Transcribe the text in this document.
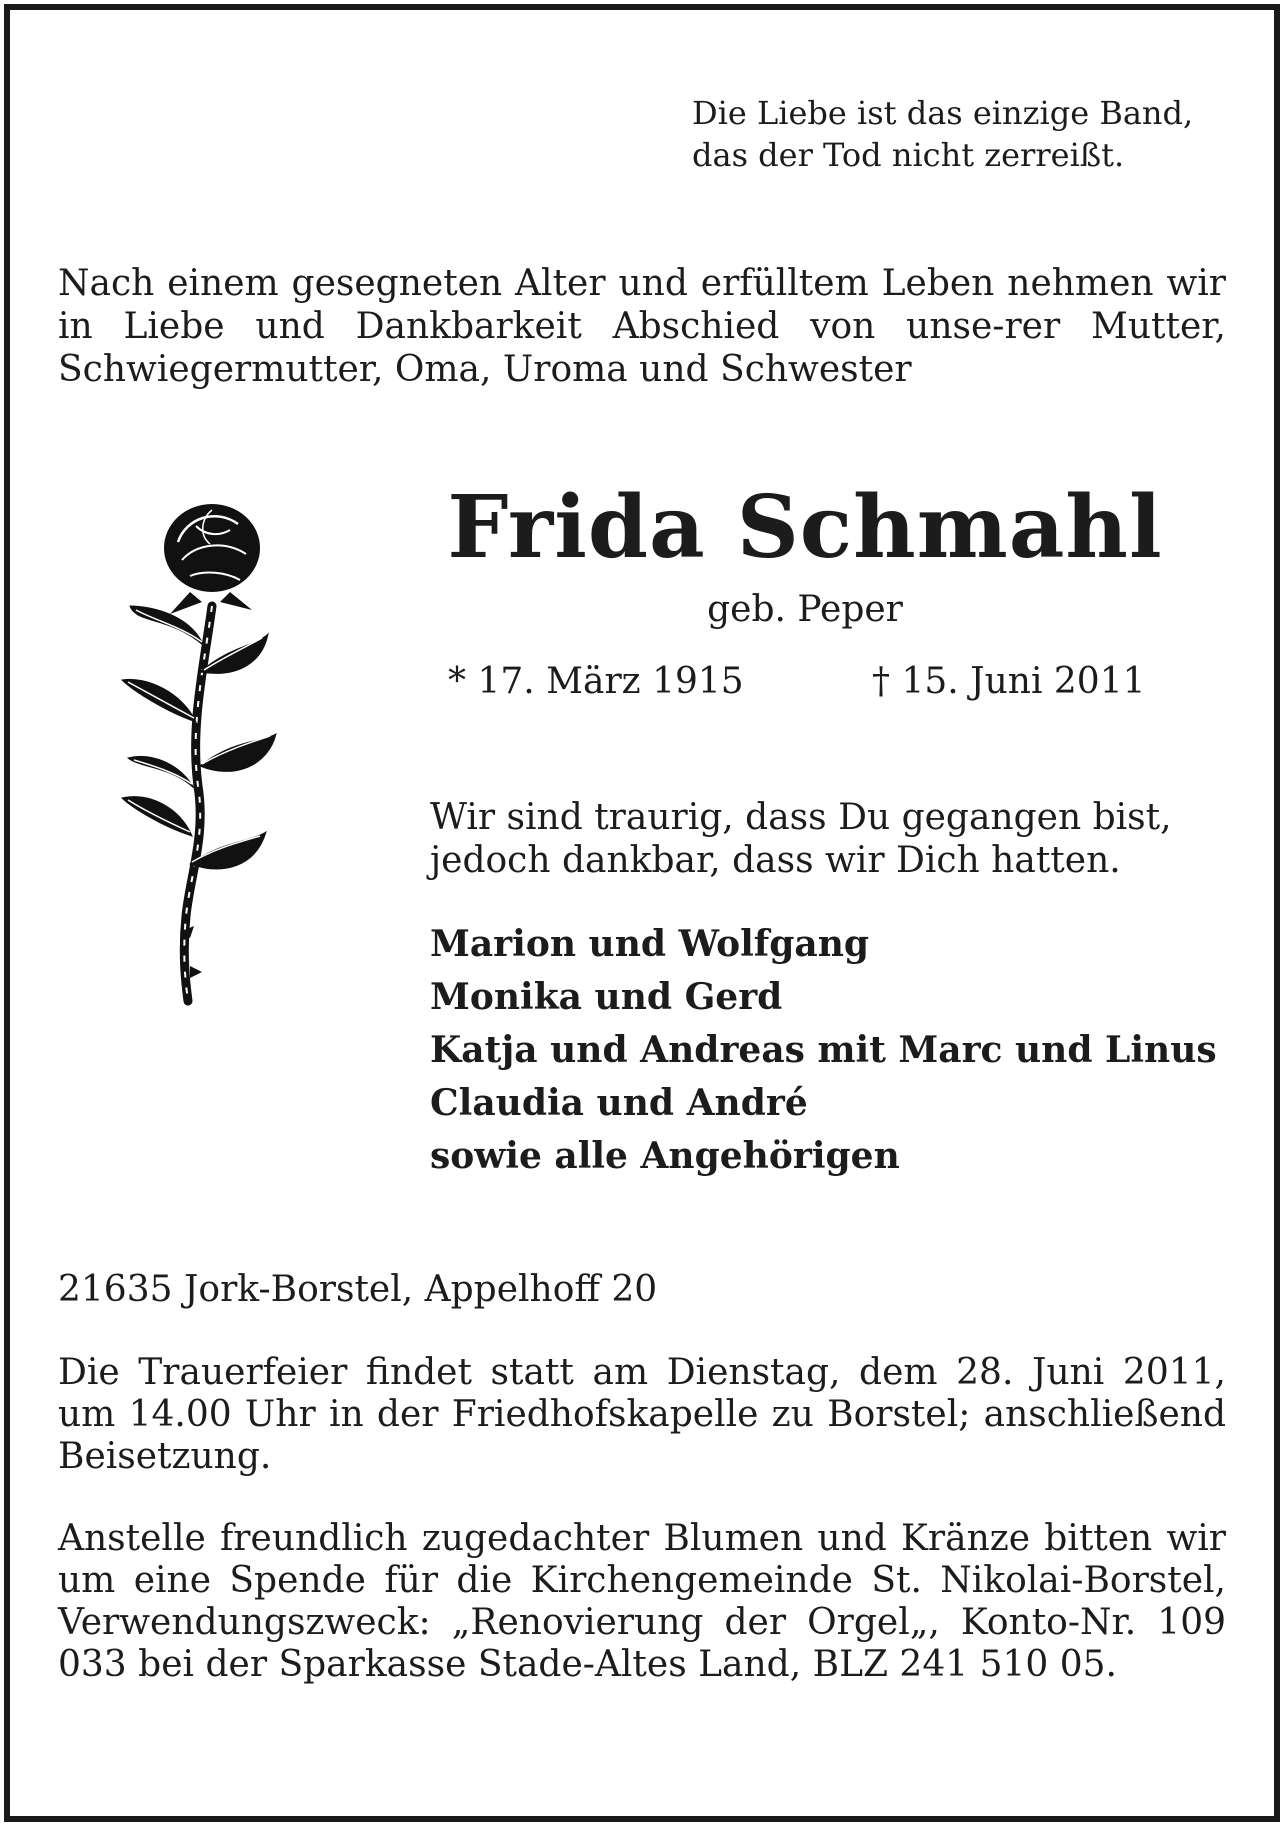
Die Liebe ist das einzige Band,
das der Tod nicht zerreißt.
Nach einem gesegneten Alter und erfülltem Leben nehmen wir in Liebe und Dankbarkeit Abschied von unse-rer Mutter, Schwiegermutter, Oma, Uroma und Schwester
Frida Schmahl
geb. Peper
* 17. März 1915	† 15. Juni 2011
Wir sind traurig, dass Du gegangen bist,
jedoch dankbar, dass wir Dich hatten.
Marion und Wolfgang
Monika und Gerd
Katja und Andreas mit Marc und Linus
Claudia und André
sowie alle Angehörigen
21635 Jork-Borstel, Appelhoff 20
Die Trauerfeier findet statt am Dienstag, dem 28. Juni 2011, um 14.00 Uhr in der Friedhofskapelle zu Borstel; anschließend Beisetzung.
Anstelle freundlich zugedachter Blumen und Kränze bitten wir um eine Spende für die Kirchengemeinde St. Nikolai-Borstel, Verwendungszweck: „Renovierung der Orgel„, Konto-Nr. 109 033 bei der Sparkasse Stade-Altes Land, BLZ 241 510 05.
